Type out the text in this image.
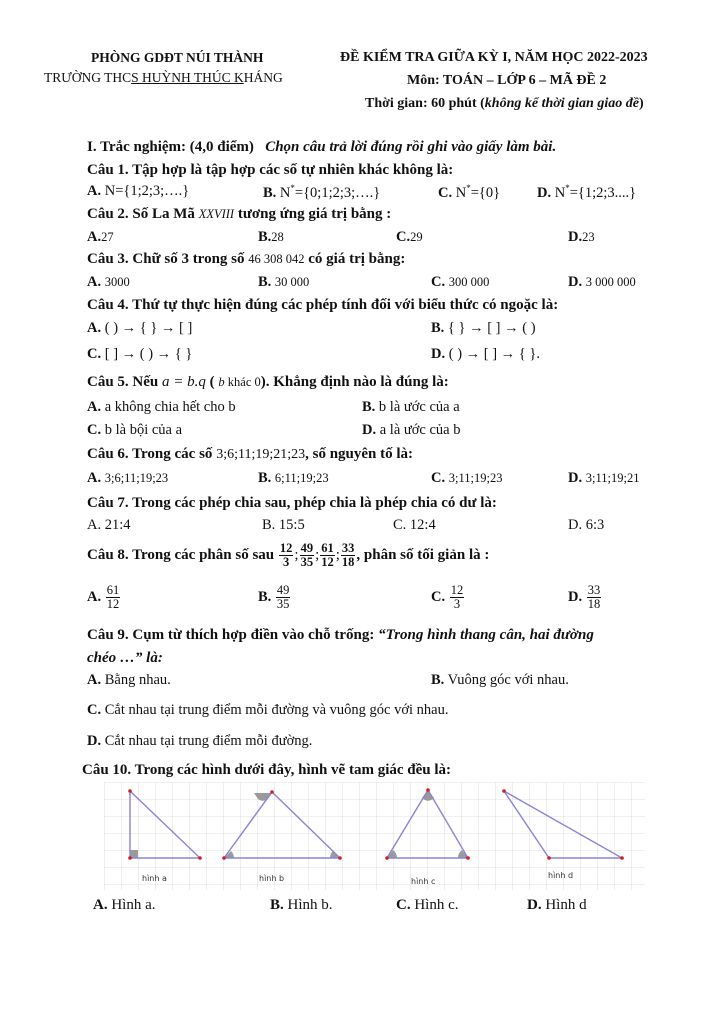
PHÒNG GDĐT NÚI THÀNH
TRƯỜNG THCS HUỲNH THÚC KHÁNG
ĐỀ KIỂM TRA GIỮA KỲ I, NĂM HỌC 2022-2023
Môn: TOÁN – LỚP 6 – MÃ ĐỀ 2
Thời gian: 60 phút (không kể thời gian giao đề)
I. Trắc nghiệm: (4,0 điểm) Chọn câu trả lời đúng rồi ghi vào giấy làm bài.
Câu 1. Tập hợp là tập hợp các số tự nhiên khác không là:
A. N={1;2;3;….}	B. N*={0;1;2;3;….}	C. N*={0}	D. N*={1;2;3....}
Câu 2. Số La Mã XXVIII tương ứng giá trị bằng :
A.27	B.28	C.29	D.23
Câu 3. Chữ số 3 trong số 46 308 042 có giá trị bằng:
A. 3000	B. 30 000	C. 300 000	D. 3 000 000
Câu 4. Thứ tự thực hiện đúng các phép tính đối với biểu thức có ngoặc là:
A. ( ) → { } → [ ]	B. { } → [ ] → ( )
C. [ ] → ( ) → { }	D. ( ) → [ ] → { }.
Câu 5. Nếu a = b.q ( b khác 0). Khẳng định nào là đúng là:
A. a không chia hết cho b	B. b là ước của a
C. b là bội của a	D. a là ước của b
Câu 6. Trong các số 3;6;11;19;21;23, số nguyên tố là:
A. 3;6;11;19;23	B. 6;11;19;23	C. 3;11;19;23	D. 3;11;19;21
Câu 7. Trong các phép chia sau, phép chia là phép chia có dư là:
A. 21:4	B. 15:5	C. 12:4	D. 6:3
Câu 8. Trong các phân số sau $\frac{12}{3}$ ; $\frac{49}{35}$ ; $\frac{61}{12}$ ; $\frac{33}{18}$ , phân số tối giản là :
A. $\frac{61}{12}$	B. $\frac{49}{35}$	C. $\frac{12}{3}$	D. $\frac{33}{18}$
Câu 9. Cụm từ thích hợp điền vào chỗ trống: “Trong hình thang cân, hai đường
chéo …” là:
A. Bằng nhau.	B. Vuông góc với nhau.
C. Cắt nhau tại trung điểm mỗi đường và vuông góc với nhau.
D. Cắt nhau tại trung điểm mỗi đường.
Câu 10. Trong các hình dưới đây, hình vẽ tam giác đều là:
hình a	hình b	hình c
hình d
A. Hình a.	B. Hình b.	C. Hình c.	D. Hình d
